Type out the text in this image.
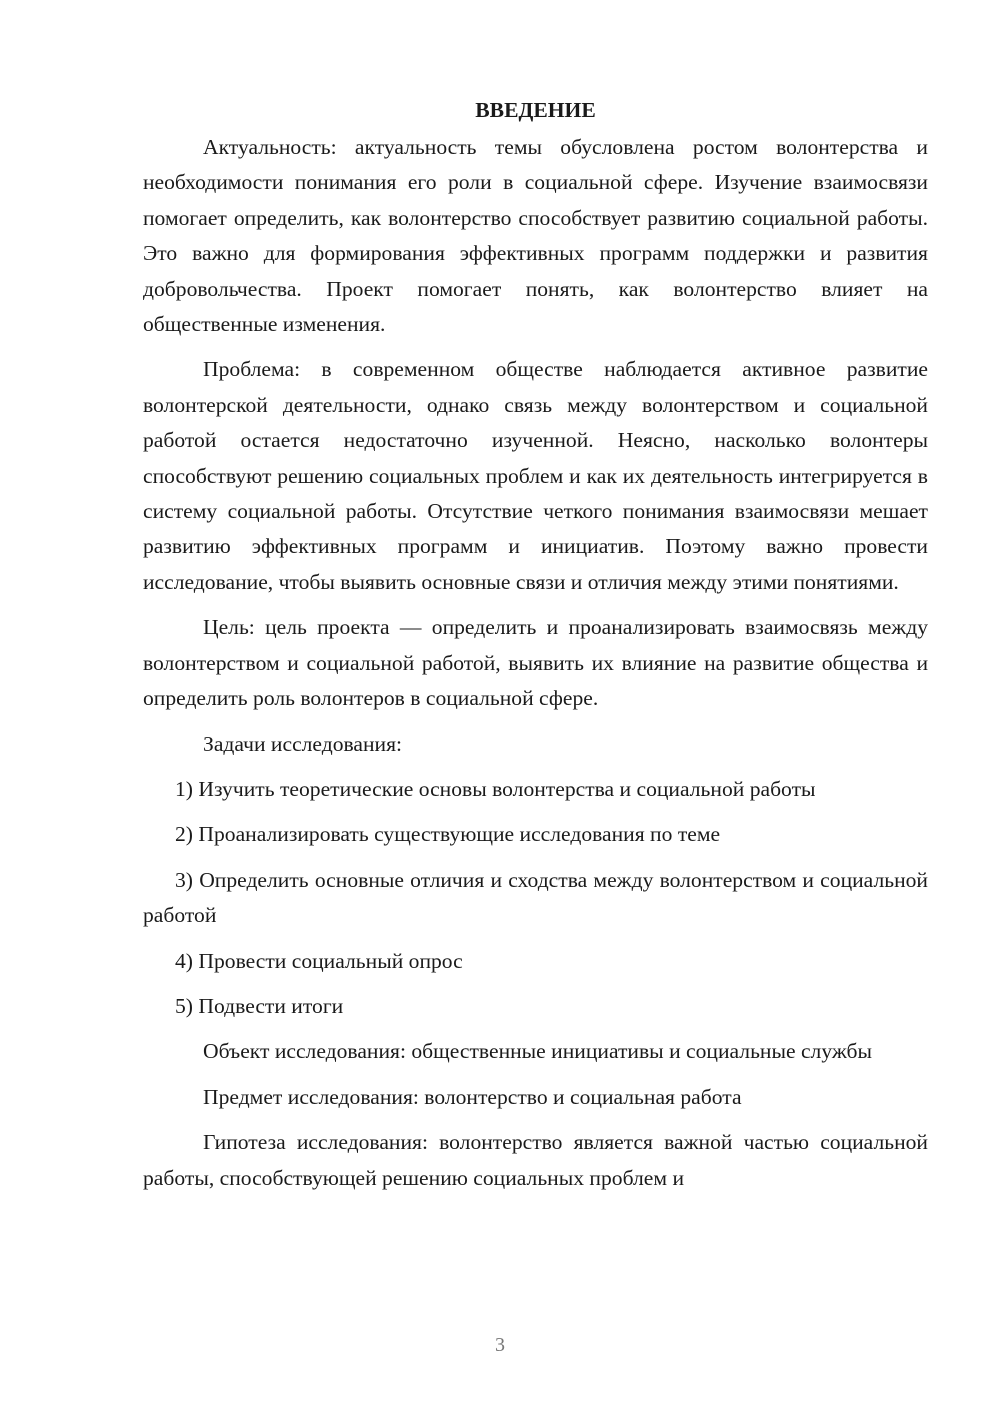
ВВЕДЕНИЕ

Актуальность: актуальность темы обусловлена ростом волонтерства и необходимости понимания его роли в социальной сфере. Изучение взаимосвязи помогает определить, как волонтерство способствует развитию социальной работы. Это важно для формирования эффективных программ поддержки и развития добровольчества. Проект помогает понять, как волонтерство влияет на общественные изменения.

Проблема: в современном обществе наблюдается активное развитие волонтерской деятельности, однако связь между волонтерством и социальной работой остается недостаточно изученной. Неясно, насколько волонтеры способствуют решению социальных проблем и как их деятельность интегрируется в систему социальной работы. Отсутствие четкого понимания взаимосвязи мешает развитию эффективных программ и инициатив. Поэтому важно провести исследование, чтобы выявить основные связи и отличия между этими понятиями.

Цель: цель проекта — определить и проанализировать взаимосвязь между волонтерством и социальной работой, выявить их влияние на развитие общества и определить роль волонтеров в социальной сфере.

Задачи исследования:

1) Изучить теоретические основы волонтерства и социальной работы

2) Проанализировать существующие исследования по теме

3) Определить основные отличия и сходства между волонтерством и социальной работой

4) Провести социальный опрос

5) Подвести итоги

Объект исследования: общественные инициативы и социальные службы

Предмет исследования: волонтерство и социальная работа

Гипотеза исследования: волонтерство является важной частью социальной работы, способствующей решению социальных проблем и

3
